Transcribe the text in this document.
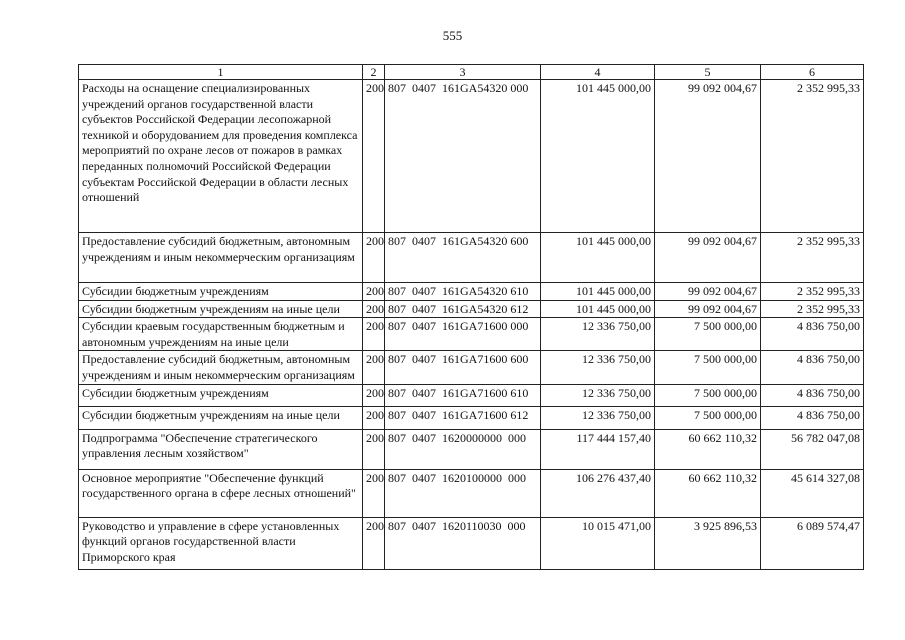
555
1	2	3	4	5	6
Расходы на оснащение специализированных учреждений органов государственной власти субъектов Российской Федерации лесопожарной техникой и оборудованием для проведения комплекса мероприятий по охране лесов от пожаров в рамках переданных полномочий Российской Федерации субъектам Российской Федерации в области лесных отношений	200	807  0407  161GA54320 000	101 445 000,00	99 092 004,67	2 352 995,33
Предоставление субсидий бюджетным, автономным учреждениям и иным некоммерческим организациям	200	807  0407  161GA54320 600	101 445 000,00	99 092 004,67	2 352 995,33
Субсидии бюджетным учреждениям	200	807  0407  161GA54320 610	101 445 000,00	99 092 004,67	2 352 995,33
Субсидии бюджетным учреждениям на иные цели	200	807  0407  161GA54320 612	101 445 000,00	99 092 004,67	2 352 995,33
Субсидии краевым государственным бюджетным и автономным учреждениям на иные цели	200	807  0407  161GA71600 000	12 336 750,00	7 500 000,00	4 836 750,00
Предоставление субсидий бюджетным, автономным учреждениям и иным некоммерческим организациям	200	807  0407  161GA71600 600	12 336 750,00	7 500 000,00	4 836 750,00
Субсидии бюджетным учреждениям	200	807  0407  161GA71600 610	12 336 750,00	7 500 000,00	4 836 750,00
Субсидии бюджетным учреждениям на иные цели	200	807  0407  161GA71600 612	12 336 750,00	7 500 000,00	4 836 750,00
Подпрограмма "Обеспечение стратегического управления лесным хозяйством"	200	807  0407  1620000000  000	117 444 157,40	60 662 110,32	56 782 047,08
Основное мероприятие "Обеспечение функций государственного органа в сфере лесных отношений"	200	807  0407  1620100000  000	106 276 437,40	60 662 110,32	45 614 327,08
Руководство и управление в сфере установленных функций органов государственной власти Приморского края	200	807  0407  1620110030  000	10 015 471,00	3 925 896,53	6 089 574,47
